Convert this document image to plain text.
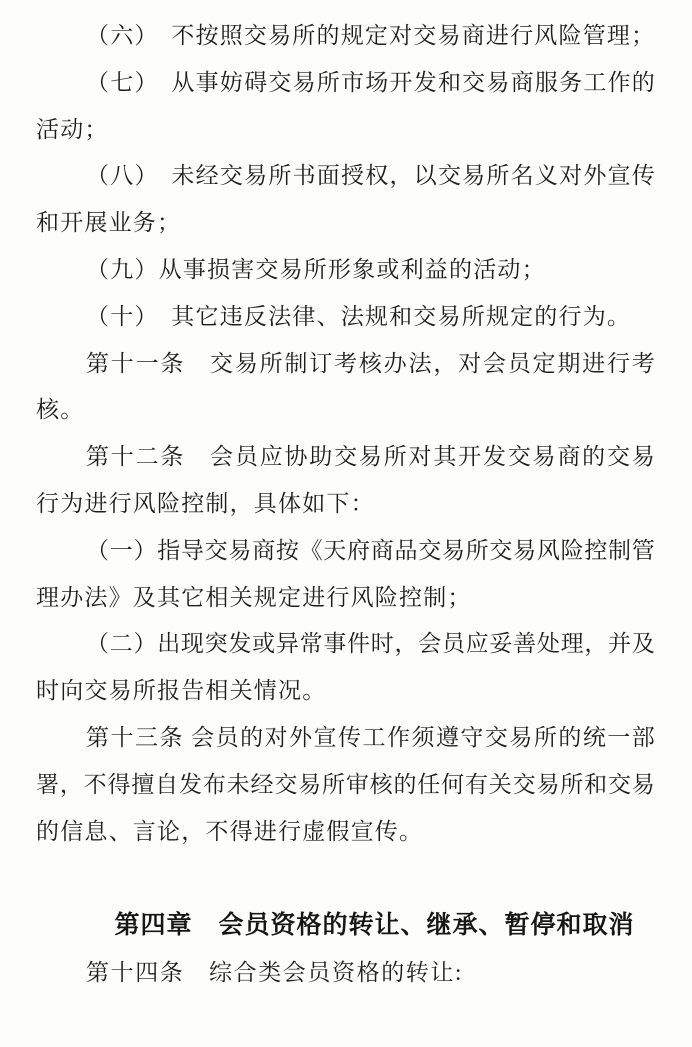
（六）　不按照交易所的规定对交易商进行风险管理；
（七）　从事妨碍交易所市场开发和交易商服务工作的
活动；
（八）　未经交易所书面授权，以交易所名义对外宣传
和开展业务；
（九）从事损害交易所形象或利益的活动；
（十）　其它违反法律、法规和交易所规定的行为。
第十一条　交易所制订考核办法，对会员定期进行考
核。
第十二条　会员应协助交易所对其开发交易商的交易
行为进行风险控制，具体如下：
（一）指导交易商按《天府商品交易所交易风险控制管
理办法》及其它相关规定进行风险控制；
（二）出现突发或异常事件时，会员应妥善处理，并及
时向交易所报告相关情况。
第十三条 会员的对外宣传工作须遵守交易所的统一部
署，不得擅自发布未经交易所审核的任何有关交易所和交易
的信息、言论，不得进行虚假宣传。
第四章　会员资格的转让、继承、暂停和取消
第十四条　综合类会员资格的转让:
